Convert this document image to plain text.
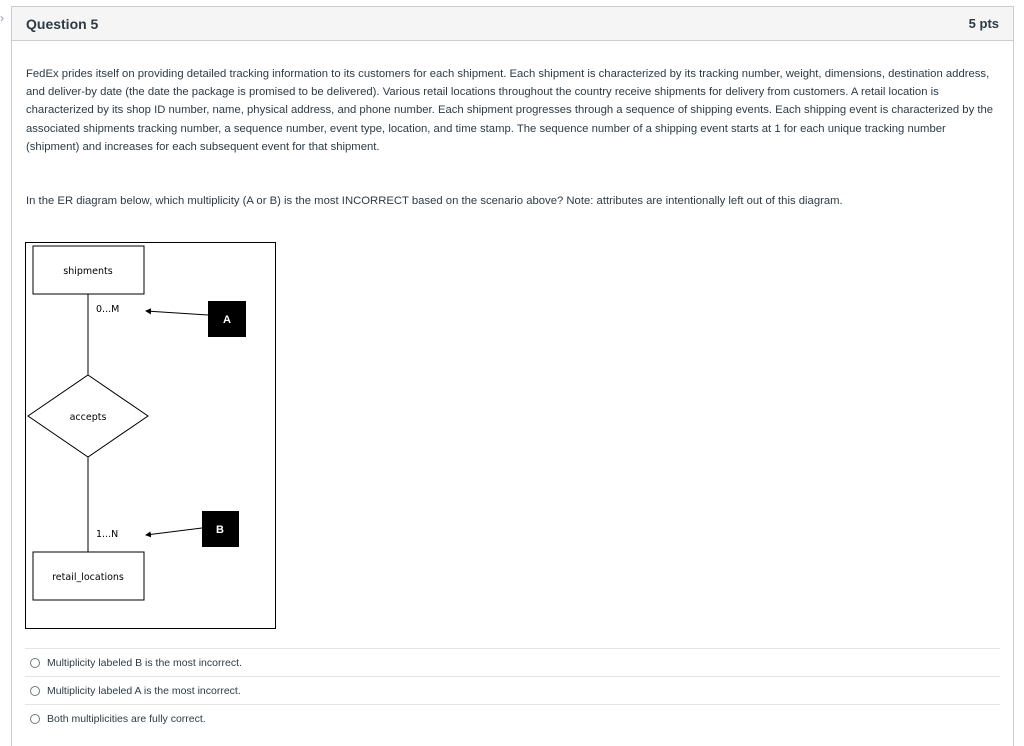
› Question 5	5 pts

FedEx prides itself on providing detailed tracking information to its customers for each shipment. Each shipment is characterized by its tracking number, weight, dimensions, destination address, and deliver-by date (the date the package is promised to be delivered). Various retail locations throughout the country receive shipments for delivery from customers. A retail location is characterized by its shop ID number, name, physical address, and phone number. Each shipment progresses through a sequence of shipping events. Each shipping event is characterized by the associated shipments tracking number, a sequence number, event type, location, and time stamp. The sequence number of a shipping event starts at 1 for each unique tracking number (shipment) and increases for each subsequent event for that shipment.

In the ER diagram below, which multiplicity (A or B) is the most INCORRECT based on the scenario above? Note: attributes are intentionally left out of this diagram.

shipments
0...M
A
accepts
1...N	B
retail_locations
Multiplicity labeled B is the most incorrect.
Multiplicity labeled A is the most incorrect.
Both multiplicities are fully correct.
